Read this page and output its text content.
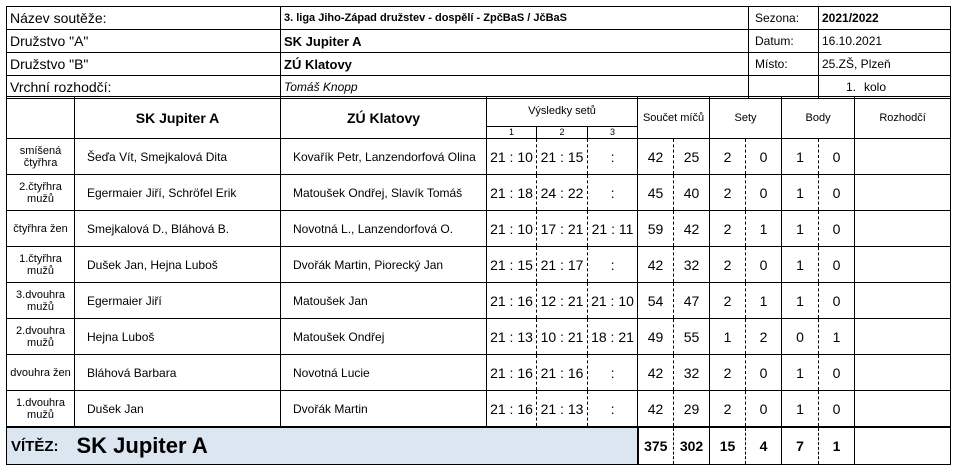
Název soutěže:	3. liga Jiho-Západ družstev - dospělí - ZpčBaS / JčBaS	Sezona:	2021/2022
Družstvo "A"	SK Jupiter A	Datum:	16.10.2021
Družstvo "B"	ZÚ Klatovy	Místo:	25.ZŠ, Plzeň
Vrchní rozhodčí:	Tomáš Knopp		1. kolo
	SK Jupiter A	ZÚ Klatovy	Výsledky setů			Součet míčů		Sety		Body		Rozhodčí
			1	2	3							
smíšená čtyřhra	Šeďa Vít, Smejkalová Dita	Kovařík Petr, Lanzendorfová Olina	21 : 10	21 : 15	:	42	25	2	0	1	0	
2.čtyřhra mužů	Egermaier Jiří, Schröfel Erik	Matoušek Ondřej, Slavík Tomáš	21 : 18	24 : 22	:	45	40	2	0	1	0	
čtyřhra žen	Smejkalová D., Bláhová B.	Novotná L., Lanzendorfová O.	21 : 10	17 : 21	21 : 11	59	42	2	1	1	0	
1.čtyřhra mužů	Dušek Jan, Hejna Luboš	Dvořák Martin, Piorecký Jan	21 : 15	21 : 17	:	42	32	2	0	1	0	
3.dvouhra mužů	Egermaier Jiří	Matoušek Jan	21 : 16	12 : 21	21 : 10	54	47	2	1	1	0	
2.dvouhra mužů	Hejna Luboš	Matoušek Ondřej	21 : 13	10 : 21	18 : 21	49	55	1	2	0	1	
dvouhra žen	Bláhová Barbara	Novotná Lucie	21 : 16	21 : 16	:	42	32	2	0	1	0	
1.dvouhra mužů	Dušek Jan	Dvořák Martin	21 : 16	21 : 13	:	42	29	2	0	1	0	
VÍTĚZ: SK Jupiter A						375	302	15	4	7	1	
